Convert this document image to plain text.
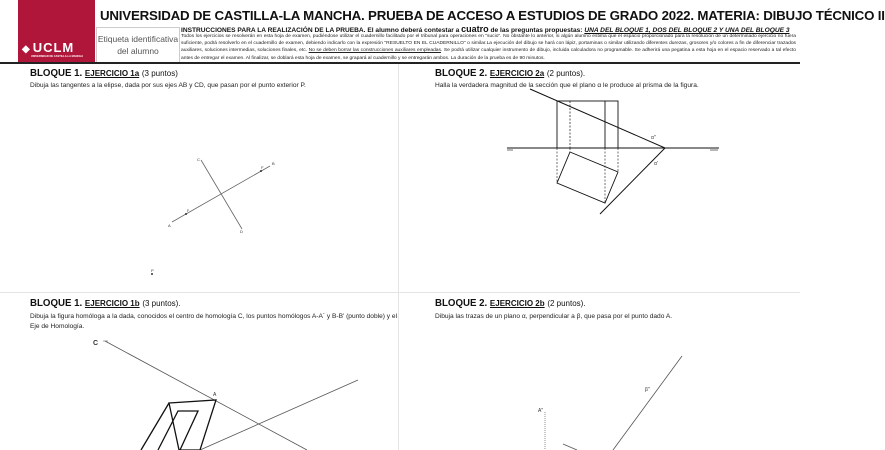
◆ UCLM
UNIVERSIDAD DE CASTILLA-LA MANCHA
UNIVERSIDAD DE CASTILLA-LA MANCHA. PRUEBA DE ACCESO A ESTUDIOS DE GRADO 2022. MATERIA: DIBUJO TÉCNICO II
Etiqueta identificativa
del alumno
INSTRUCCIONES PARA LA REALIZACIÓN DE LA PRUEBA. El alumno deberá contestar a cuatro de las preguntas propuestas: UNA DEL BLOQUE 1, DOS DEL BLOQUE 2 Y UNA DEL BLOQUE 3
Todos los ejercicios se resolverán en esta hoja de examen, pudiéndose utilizar el cuadernillo facilitado por el tribunal para operaciones en "sucio". No obstante lo anterior, si algún alumno estima que el espacio proporcionado para la resolución de un determinado ejercicio no fuera suficiente, podrá resolverlo en el cuadernillo de examen, debiendo indicarlo con la expresión "RESUELTO EN EL CUADERNILLO" o similar.La ejecución del dibujo se hará con lápiz, portaminas o similar utilizando diferentes durezas, grosores y/o colores a fin de diferenciar trazados auxiliares, soluciones intermedias, soluciones finales, etc. No se deben borrar las construcciones auxiliares empleadas. Se podrá utilizar cualquier instrumento de dibujo, incluida calculadora no programable. Se adherirá una pegatina a esta hoja en el espacio reservado a tal efecto antes de entregar el examen. Al finalizar, se doblará esta hoja de examen, se grapará al cuadernillo y se entregarán ambos. La duración de la prueba es de 90 minutos.
BLOQUE 1. EJERCICIO 1a (3 puntos)
Dibuja las tangentes a la elipse, dada por sus ejes AB y CD, que pasan por el punto exterior P.
BLOQUE 2. EJERCICIO 2a (2 puntos).
Halla la verdadera magnitud de la sección que el plano α le produce al prisma de la figura.
BLOQUE 1. EJERCICIO 1b (3 puntos).
Dibuja la figura homóloga a la dada, conocidos el centro de homología C, los puntos homólogos A-A´ y B-B' (punto doble) y el Eje de Homología.
BLOQUE 2. EJERCICIO 2b (2 puntos).
Dibuja las trazas de un plano α, perpendicular a β, que pasa por el punto dado A.
A
B
C
D
F
F'
P
α''
α'
C
A
β''
A''
